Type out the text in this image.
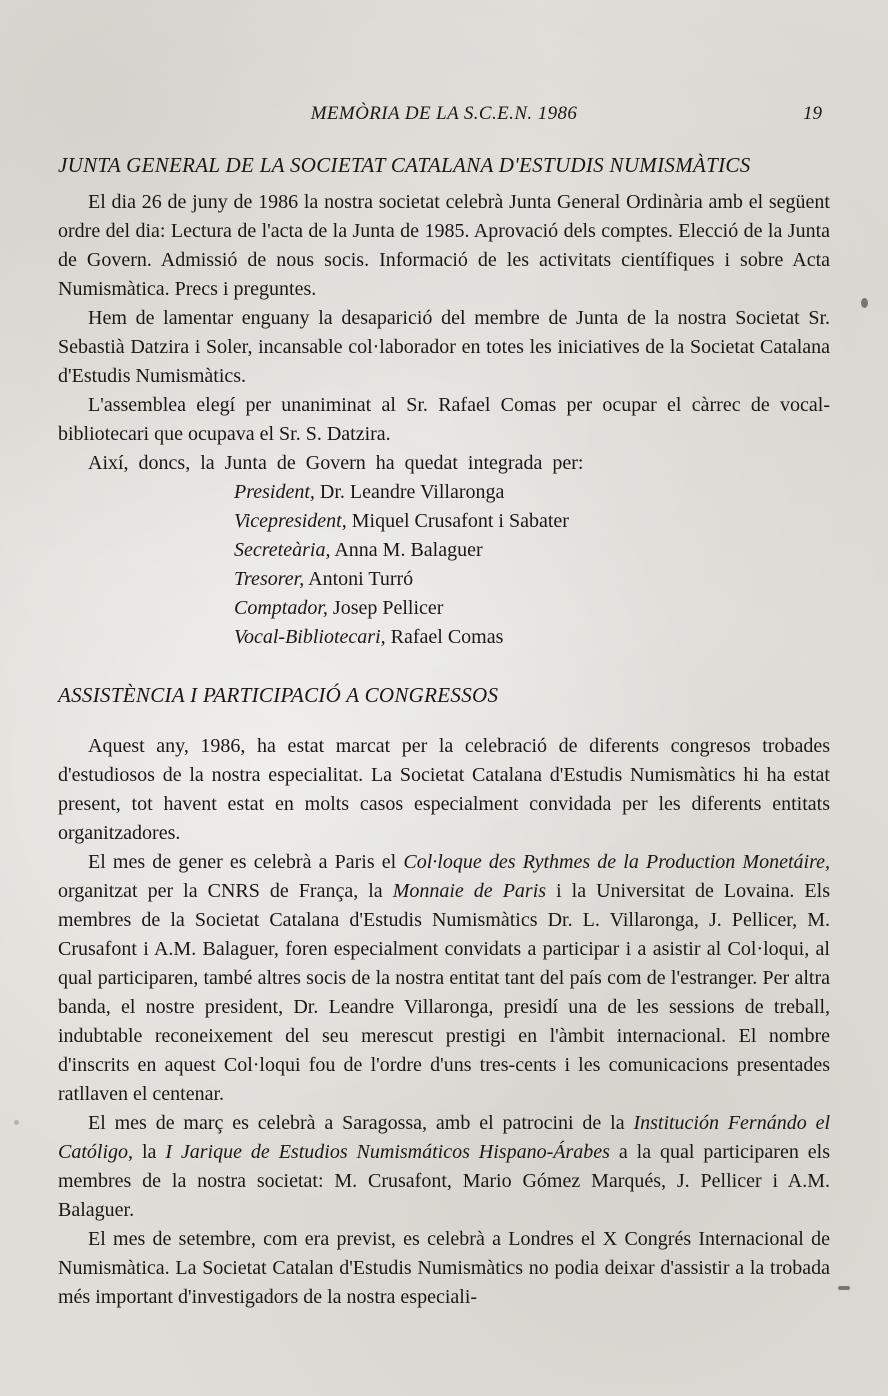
MEMÒRIA DE LA S.C.E.N. 1986	19
JUNTA GENERAL DE LA SOCIETAT CATALANA D'ESTUDIS NUMISMÀTICS

El dia 26 de juny de 1986 la nostra societat celebrà Junta General Ordinària amb el següent ordre del dia: Lectura de l'acta de la Junta de 1985. Aprovació dels comptes. Elecció de la Junta de Govern. Admissió de nous socis. Informació de les activitats científiques i sobre Acta Numismàtica. Precs i preguntes.

Hem de lamentar enguany la desaparició del membre de Junta de la nostra Societat Sr. Sebastià Datzira i Soler, incansable col·laborador en totes les iniciatives de la Societat Catalana d'Estudis Numismàtics.

L'assemblea elegí per unaniminat al Sr. Rafael Comas per ocupar el càrrec de vocal-bibliotecari que ocupava el Sr. S. Datzira.

Així, doncs, la Junta de Govern ha quedat integrada per:

President, Dr. Leandre Villaronga
Vicepresident, Miquel Crusafont i Sabater
Secreteària, Anna M. Balaguer
Tresorer, Antoni Turró
Comptador, Josep Pellicer
Vocal-Bibliotecari, Rafael Comas
ASSISTÈNCIA I PARTICIPACIÓ A CONGRESSOS

Aquest any, 1986, ha estat marcat per la celebració de diferents congresos trobades d'estudiosos de la nostra especialitat. La Societat Catalana d'Estudis Numismàtics hi ha estat present, tot havent estat en molts casos especialment convidada per les diferents entitats organitzadores.

El mes de gener es celebrà a Paris el Col·loque des Rythmes de la Production Monetáire, organitzat per la CNRS de França, la Monnaie de Paris i la Universitat de Lovaina. Els membres de la Societat Catalana d'Estudis Numismàtics Dr. L. Villaronga, J. Pellicer, M. Crusafont i A.M. Balaguer, foren especialment convidats a participar i a asistir al Col·loqui, al qual participaren, també altres socis de la nostra entitat tant del país com de l'estranger. Per altra banda, el nostre president, Dr. Leandre Villaronga, presidí una de les sessions de treball, indubtable reconeixement del seu merescut prestigi en l'àmbit internacional. El nombre d'inscrits en aquest Col·loqui fou de l'ordre d'uns tres-cents i les comunicacions presentades ratllaven el centenar.

El mes de març es celebrà a Saragossa, amb el patrocini de la Institución Fernándo el Católigo, la I Jarique de Estudios Numismáticos Hispano-Árabes a la qual participaren els membres de la nostra societat: M. Crusafont, Mario Gómez Marqués, J. Pellicer i A.M. Balaguer.

El mes de setembre, com era previst, es celebrà a Londres el X Congrés Internacional de Numismàtica. La Societat Catalan d'Estudis Numismàtics no podia deixar d'assistir a la trobada més important d'investigadors de la nostra especiali-
